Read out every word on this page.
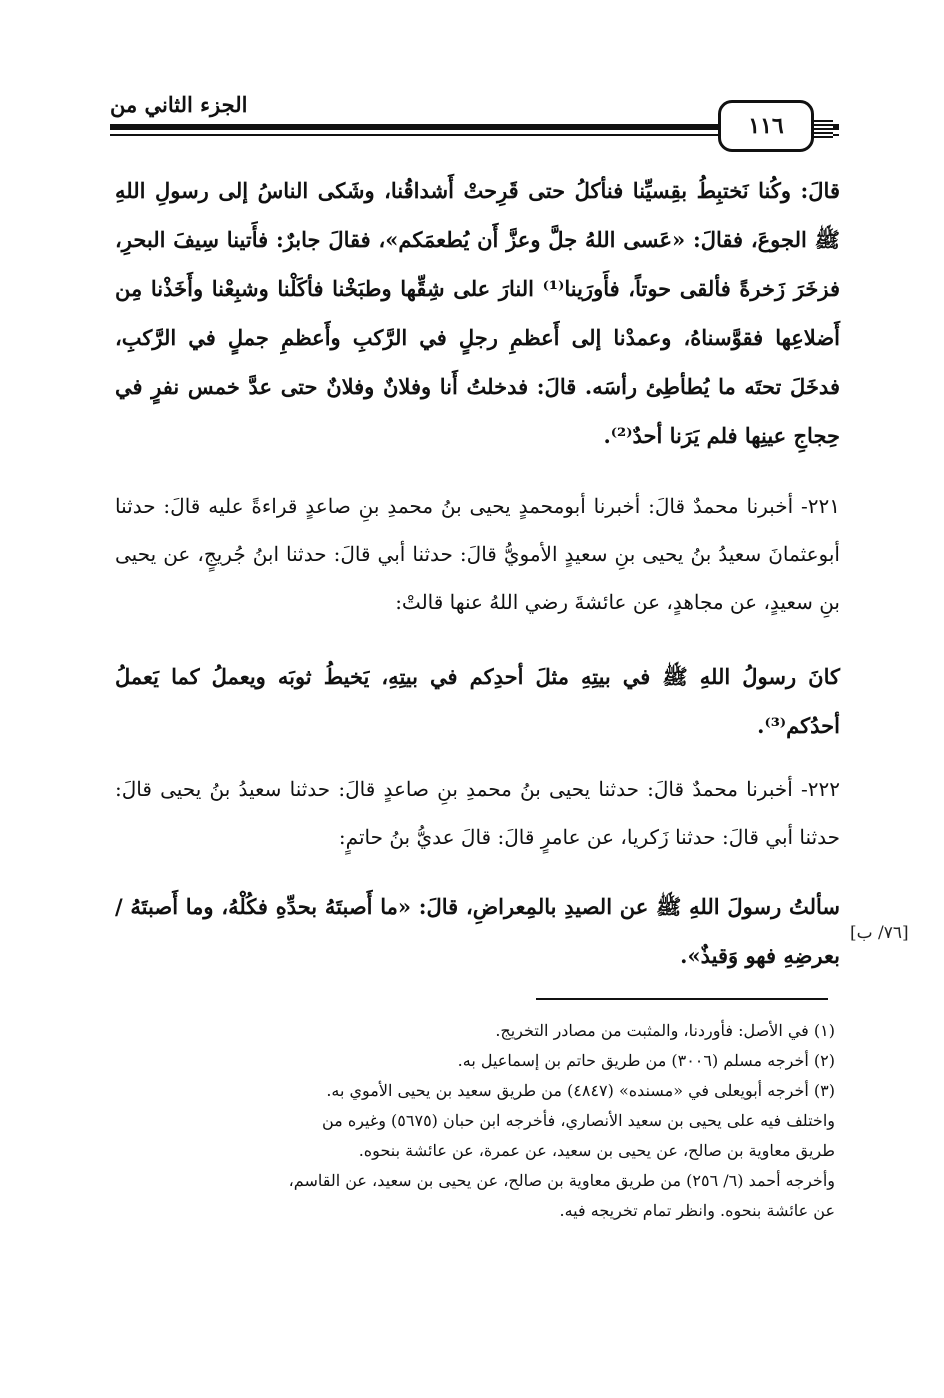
الجزء الثاني من
١١٦
قالَ: وكُنا نَختبِطُ بقِسيِّنا فنأكلُ حتى قَرِحتْ أَشداقُنا، وشَكى الناسُ إلى رسولِ اللهِ ﷺ الجوعَ، فقالَ: «عَسى اللهُ جلَّ وعزَّ أَن يُطعمَكم»، فقالَ جابرٌ: فأَتينا سِيفَ البحرِ، فزخَرَ زَخرةً فألقى حوتاً، فأَورَينا⁽¹⁾ النارَ على شِقِّها وطبَخْنا فأكَلْنا وشبِعْنا وأَخَذْنا مِن أَضلاعِها فقوَّسناهُ، وعمدْنا إلى أَعظمِ رجلٍ في الرَّكبِ وأَعظمِ جملٍ في الرَّكبِ، فدخَلَ تحتَه ما يُطأطِئ رأسَه. قالَ: فدخلتُ أَنا وفلانٌ وفلانٌ حتى عدَّ خمس نفرٍ في حِجاجِ عينِها فلم يَرَنا أحدٌ⁽²⁾.
٢٢١- أخبرنا محمدٌ قالَ: أخبرنا أبومحمدٍ يحيى بنُ محمدِ بنِ صاعدٍ قراءةً عليه قالَ: حدثنا أبوعثمانَ سعيدُ بنُ يحيى بنِ سعيدٍ الأمويُّ قالَ: حدثنا أبي قالَ: حدثنا ابنُ جُريجٍ، عن يحيى بنِ سعيدٍ، عن مجاهدٍ، عن عائشةَ رضي اللهُ عنها قالتْ:
كانَ رسولُ اللهِ ﷺ في بيتِهِ مثلَ أحدِكم في بيتِهِ، يَخيطُ ثوبَه ويعملُ كما يَعملُ أحدُكم⁽³⁾.
٢٢٢- أخبرنا محمدٌ قالَ: حدثنا يحيى بنُ محمدِ بنِ صاعدٍ قالَ: حدثنا سعيدُ بنُ يحيى قالَ: حدثنا أبي قالَ: حدثنا زَكريا، عن عامرٍ قالَ: قالَ عديُّ بنُ حاتمٍ:
سألتُ رسولَ اللهِ ﷺ عن الصيدِ بالمِعراضِ، قالَ: «ما أَصبتَهُ بحدِّهِ فكُلْهُ، وما أَصبتَهُ / بعرضِهِ فهو وَقيذٌ».
[٧٦/ ب]
(١) في الأصل: فأوردنا، والمثبت من مصادر التخريج.
(٢) أخرجه مسلم (٣٠٠٦) من طريق حاتم بن إسماعيل به.
(٣) أخرجه أبويعلى في «مسنده» (٤٨٤٧) من طريق سعيد بن يحيى الأموي به.
واختلف فيه على يحيى بن سعيد الأنصاري، فأخرجه ابن حبان (٥٦٧٥) وغيره من
طريق معاوية بن صالح، عن يحيى بن سعيد، عن عمرة، عن عائشة بنحوه.
وأخرجه أحمد (٦/ ٢٥٦) من طريق معاوية بن صالح، عن يحيى بن سعيد، عن القاسم،
عن عائشة بنحوه. وانظر تمام تخريجه فيه.
